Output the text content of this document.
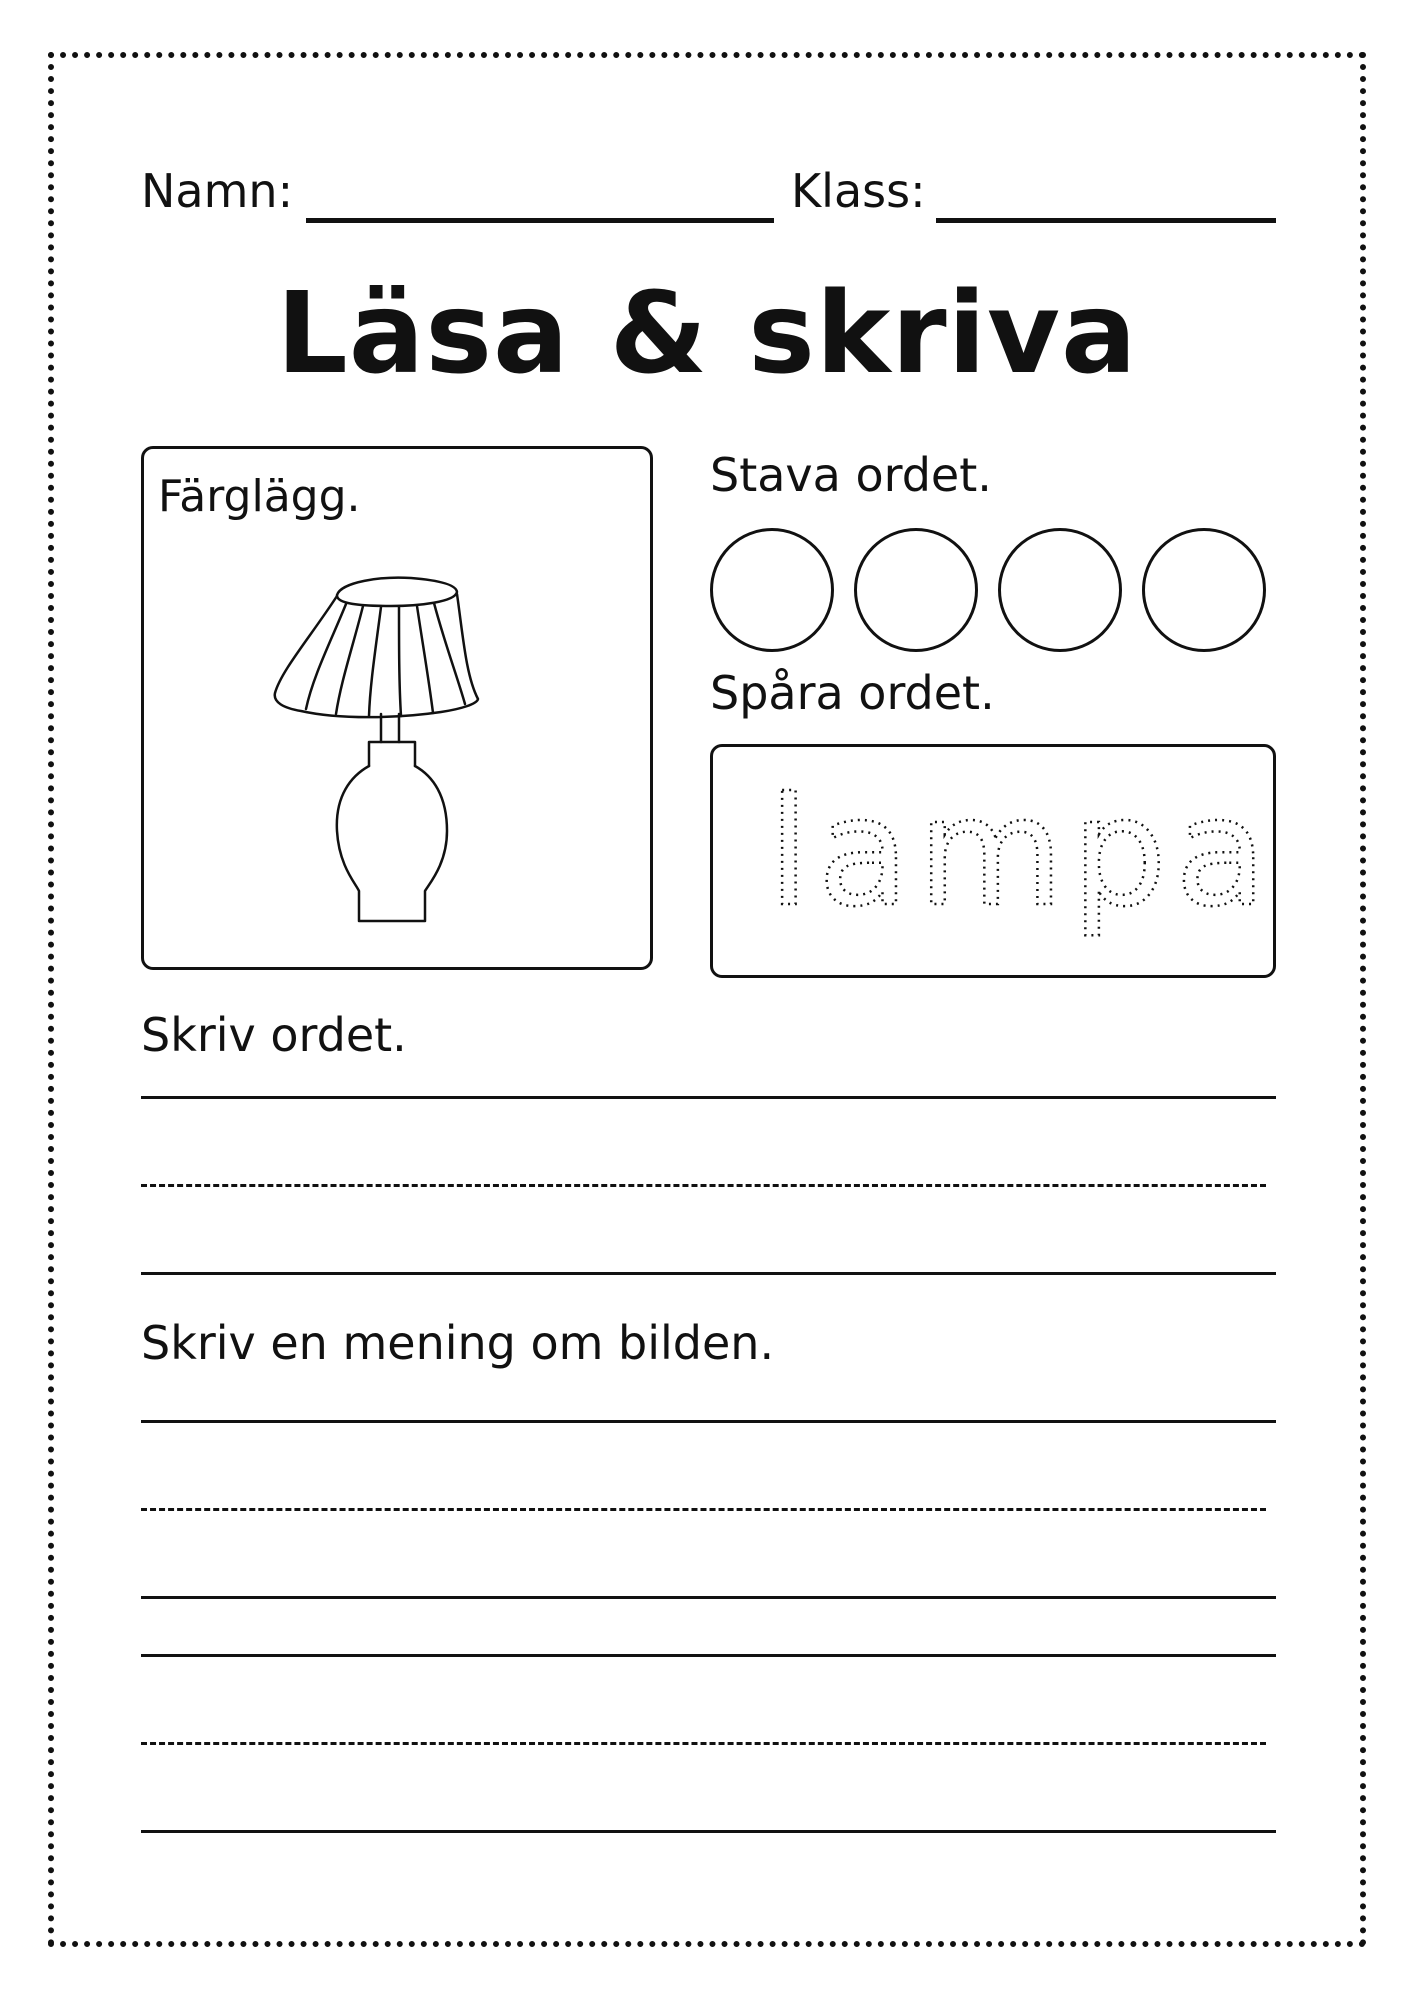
Namn:	Klass:
Läsa & skriva
Färglägg.	Stava ordet.
Spåra ordet.
lampa
Skriv ordet.
Skriv en mening om bilden.
